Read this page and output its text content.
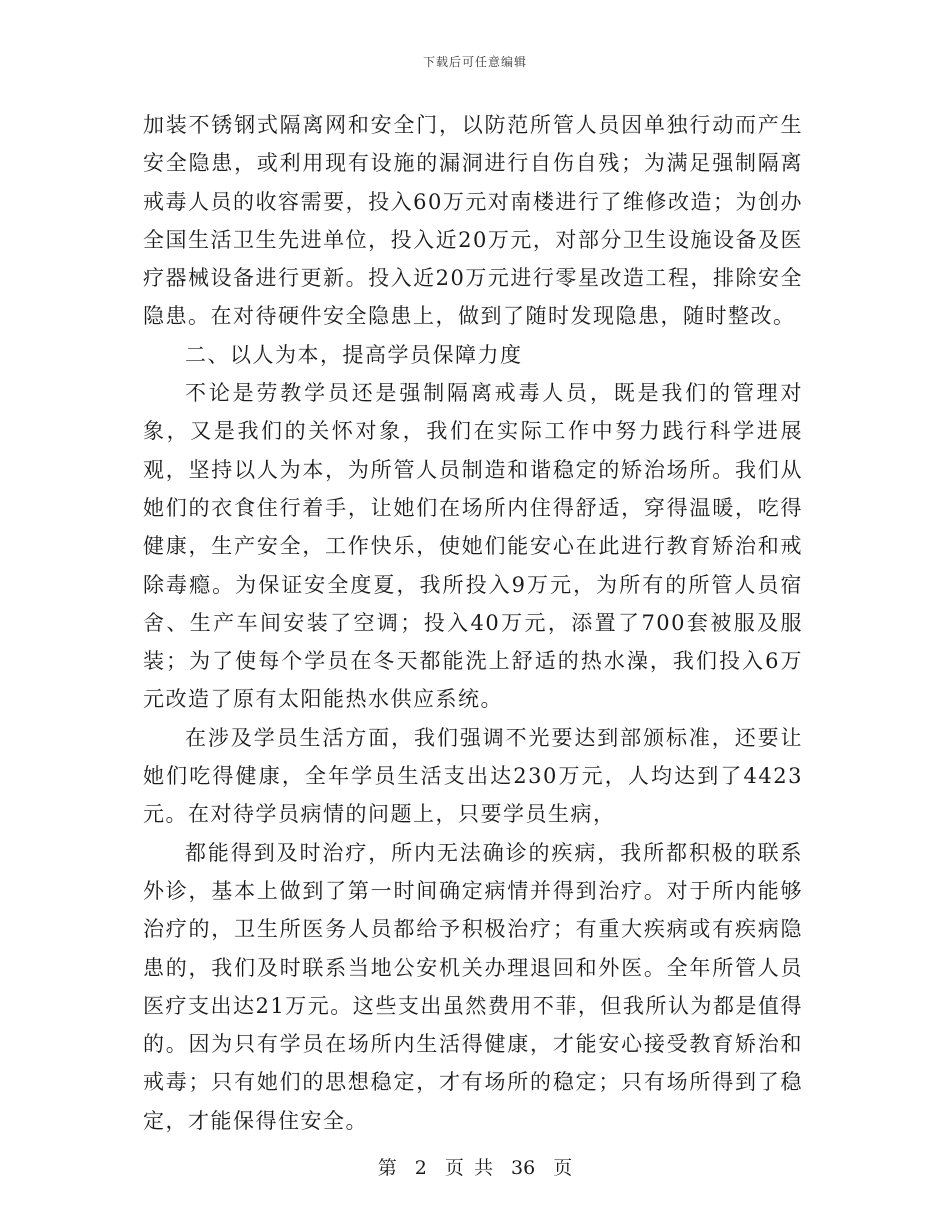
下载后可任意编辑

加装不锈钢式隔离网和安全门，以防范所管人员因单独行动而产生安全隐患，或利用现有设施的漏洞进行自伤自残；为满足强制隔离戒毒人员的收容需要，投入60万元对南楼进行了维修改造；为创办全国生活卫生先进单位，投入近20万元，对部分卫生设施设备及医疗器械设备进行更新。投入近20万元进行零星改造工程，排除安全隐患。在对待硬件安全隐患上，做到了随时发现隐患，随时整改。

二、以人为本，提高学员保障力度

不论是劳教学员还是强制隔离戒毒人员，既是我们的管理对象，又是我们的关怀对象，我们在实际工作中努力践行科学进展观，坚持以人为本，为所管人员制造和谐稳定的矫治场所。我们从她们的衣食住行着手，让她们在场所内住得舒适，穿得温暖，吃得健康，生产安全，工作快乐，使她们能安心在此进行教育矫治和戒除毒瘾。为保证安全度夏，我所投入9万元，为所有的所管人员宿舍、生产车间安装了空调；投入40万元，添置了700套被服及服装；为了使每个学员在冬天都能洗上舒适的热水澡，我们投入6万元改造了原有太阳能热水供应系统。

在涉及学员生活方面，我们强调不光要达到部颁标准，还要让她们吃得健康，全年学员生活支出达230万元，人均达到了4423元。在对待学员病情的问题上，只要学员生病，

都能得到及时治疗，所内无法确诊的疾病，我所都积极的联系外诊，基本上做到了第一时间确定病情并得到治疗。对于所内能够治疗的，卫生所医务人员都给予积极治疗；有重大疾病或有疾病隐患的，我们及时联系当地公安机关办理退回和外医。全年所管人员医疗支出达21万元。这些支出虽然费用不菲，但我所认为都是值得的。因为只有学员在场所内生活得健康，才能安心接受教育矫治和戒毒；只有她们的思想稳定，才有场所的稳定；只有场所得到了稳定，才能保得住安全。

第 2 页 共 36 页
